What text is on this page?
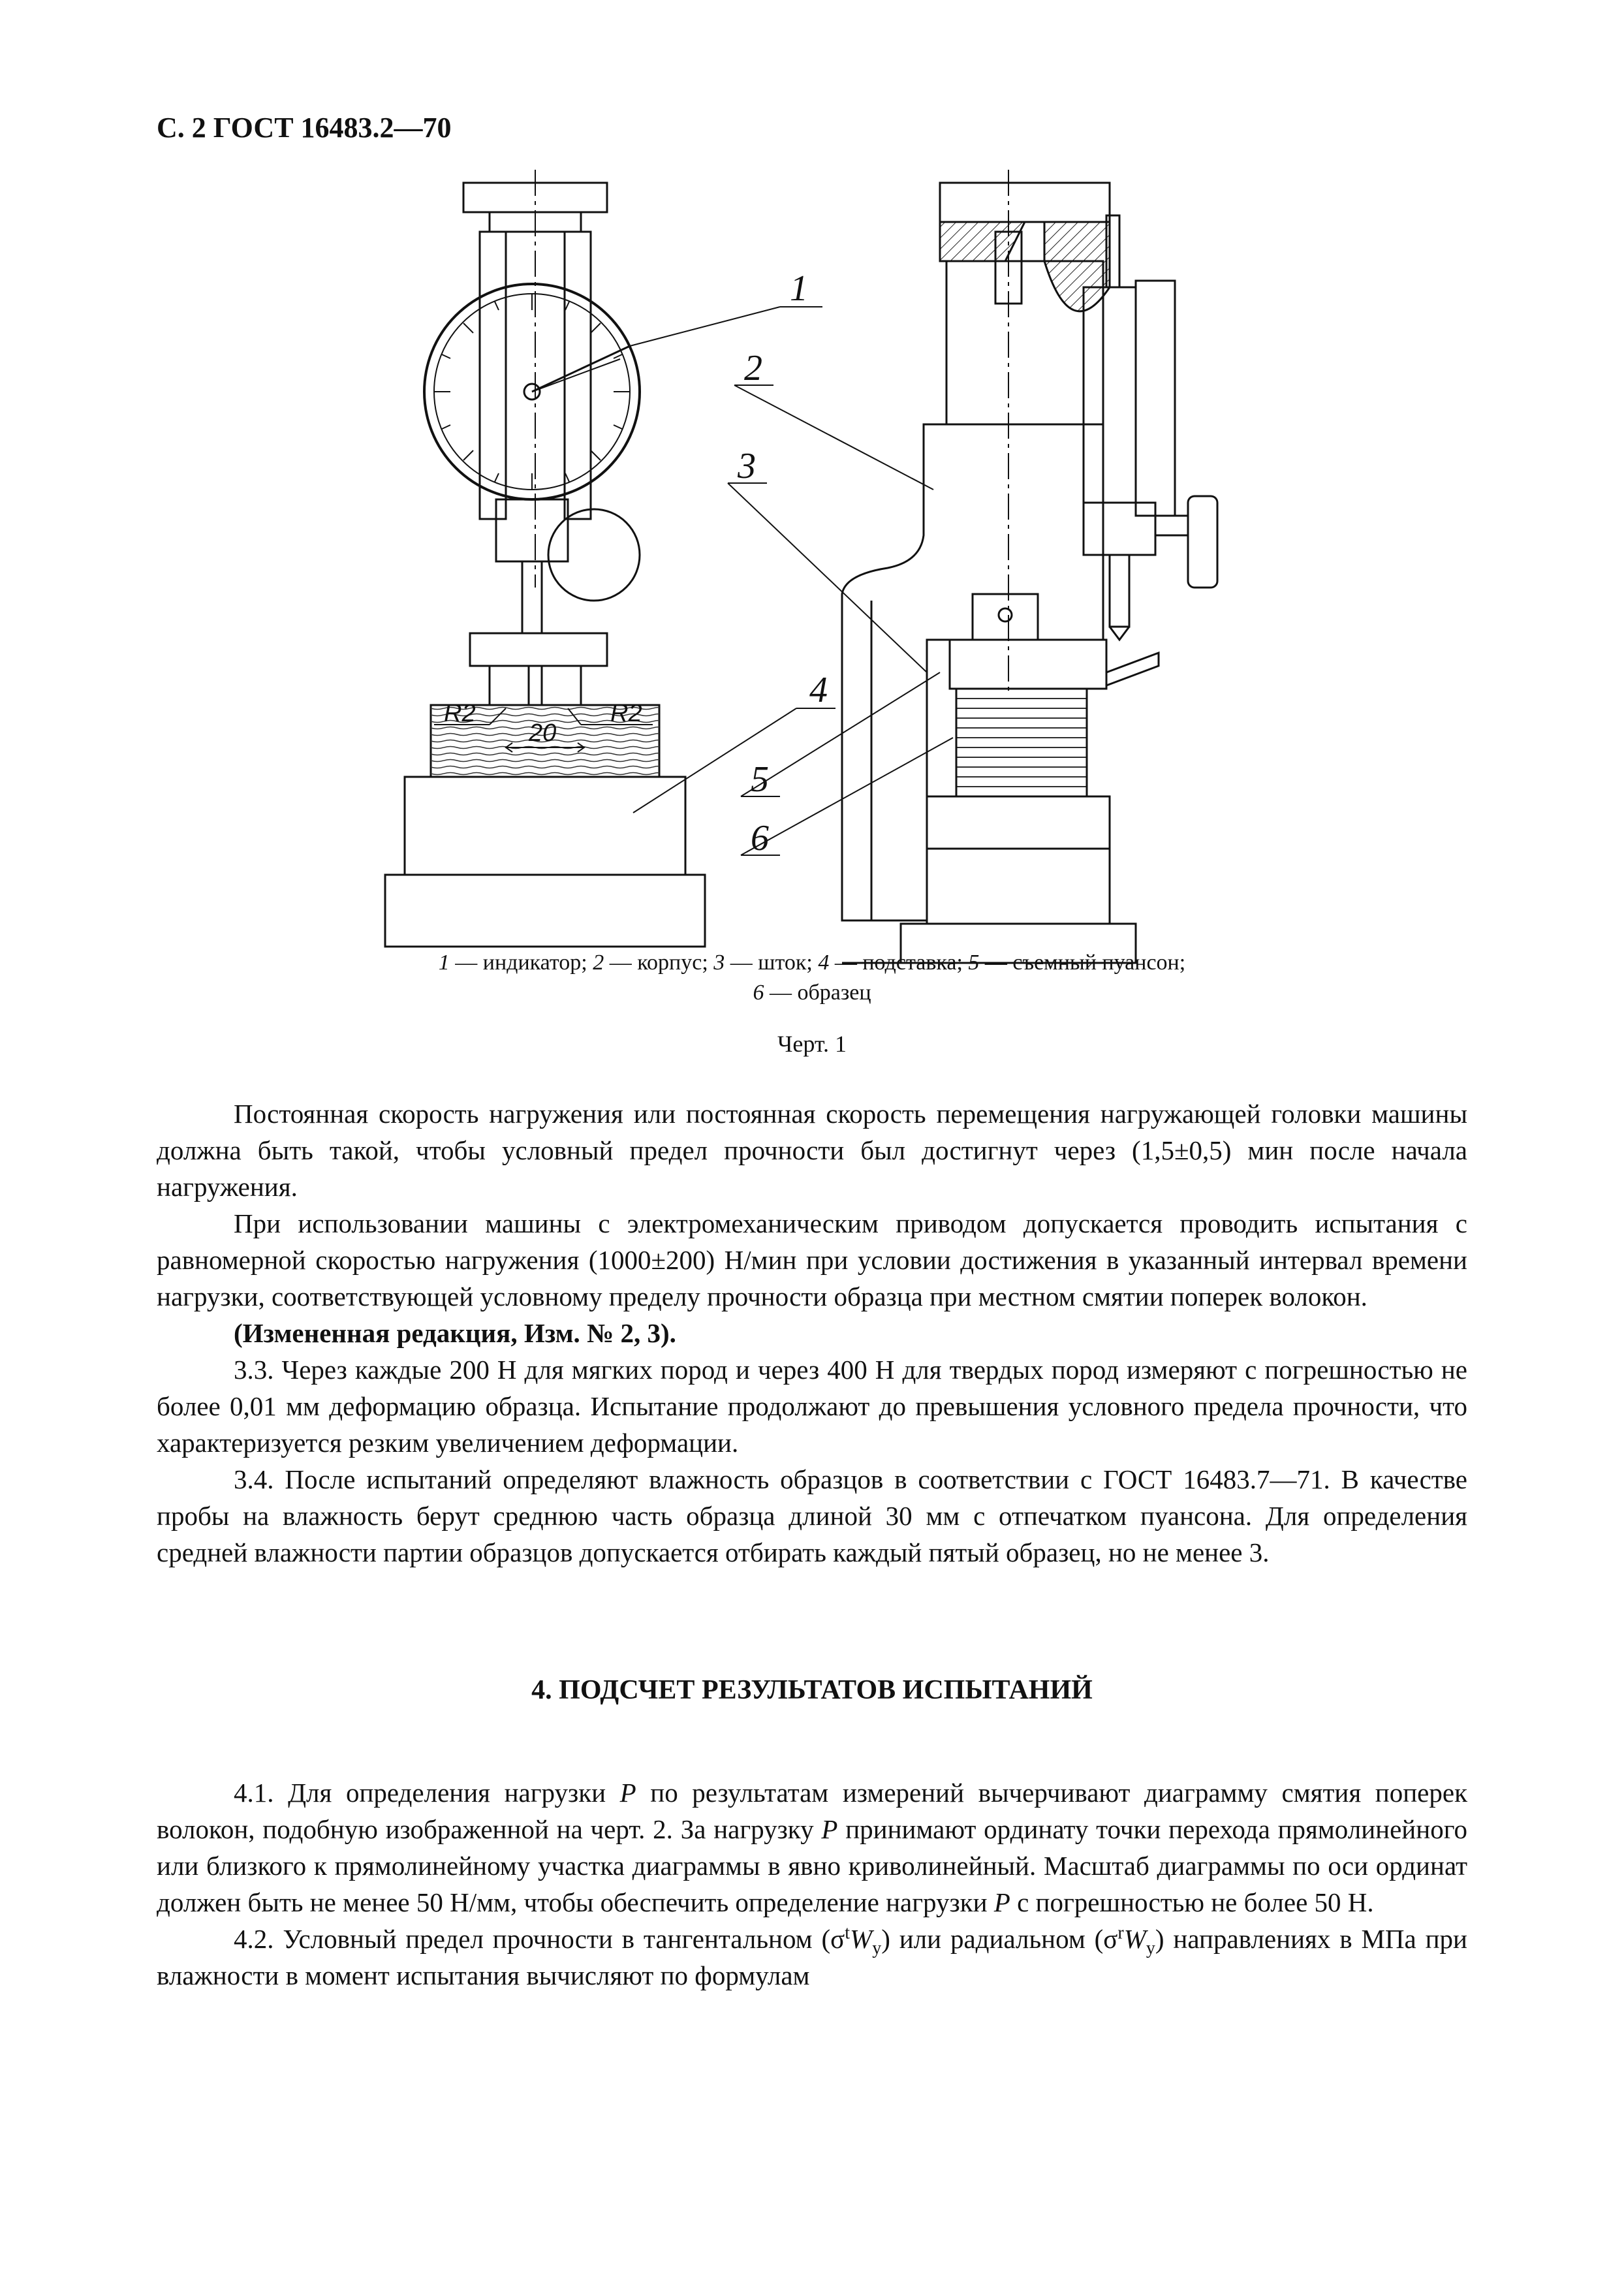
С. 2 ГОСТ 16483.2—70
1
2
3
4
5
6
R2
20
R2
1 — индикатор; 2 — корпус; 3 — шток; 4 — подставка; 5 — съемный пуансон;
6 — образец
Черт. 1

Постоянная скорость нагружения или постоянная скорость перемещения нагружающей головки машины должна быть такой, чтобы условный предел прочности был достигнут через (1,5±0,5) мин после начала нагружения.

При использовании машины с электромеханическим приводом допускается проводить испытания с равномерной скоростью нагружения (1000±200) Н/мин при условии достижения в указанный интервал времени нагрузки, соответствующей условному пределу прочности образца при местном смятии поперек волокон.

(Измененная редакция, Изм. № 2, 3).

3.3. Через каждые 200 Н для мягких пород и через 400 Н для твердых пород измеряют с погрешностью не более 0,01 мм деформацию образца. Испытание продолжают до превышения условного предела прочности, что характеризуется резким увеличением деформации.

3.4. После испытаний определяют влажность образцов в соответствии с ГОСТ 16483.7—71. В качестве пробы на влажность берут среднюю часть образца длиной 30 мм с отпечатком пуансона. Для определения средней влажности партии образцов допускается отбирать каждый пятый образец, но не менее 3.

4. ПОДСЧЕТ РЕЗУЛЬТАТОВ ИСПЫТАНИЙ

4.1. Для определения нагрузки P по результатам измерений вычерчивают диаграмму смятия поперек волокон, подобную изображенной на черт. 2. За нагрузку P принимают ординату точки перехода прямолинейного или близкого к прямолинейному участка диаграммы в явно криволинейный. Масштаб диаграммы по оси ординат должен быть не менее 50 Н/мм, чтобы обеспечить определение нагрузки P с погрешностью не более 50 Н.

4.2. Условный предел прочности в тангентальном $(\sigma^tW_y)$ или радиальном $(\sigma^rW_y)$ направлениях в МПа при влажности в момент испытания вычисляют по формулам
